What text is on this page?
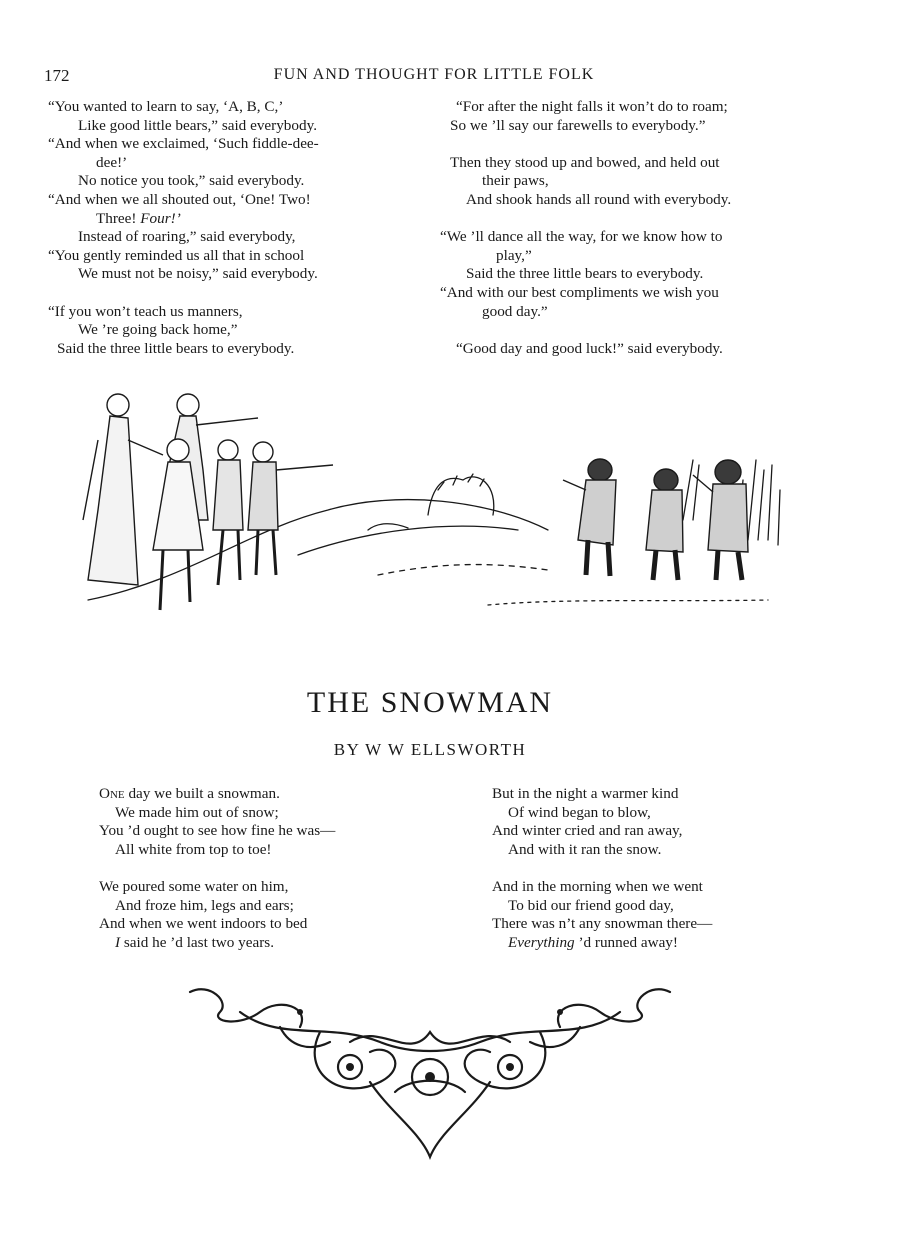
172	FUN AND THOUGHT FOR LITTLE FOLK
“You wanted to learn to say, ‘A, B, C,’
Like good little bears,” said everybody.
“And when we exclaimed, ‘Such fiddle-dee-
dee!’
No notice you took,” said everybody.
“And when we all shouted out, ‘One! Two!
Three! Four!’
Instead of roaring,” said everybody,
“You gently reminded us all that in school
We must not be noisy,” said everybody.
“If you won’t teach us manners,
We ’re going back home,”
Said the three little bears to everybody.
“For after the night falls it won’t do to roam;
So we ’ll say our farewells to everybody.”
Then they stood up and bowed, and held out
their paws,
And shook hands all round with everybody.
“We ’ll dance all the way, for we know how to
play,”
Said the three little bears to everybody.
“And with our best compliments we wish you
good day.”
“Good day and good luck!” said everybody.
THE SNOWMAN
BY W W ELLSWORTH
One day we built a snowman.
We made him out of snow;
You ’d ought to see how fine he was—
All white from top to toe!
We poured some water on him,
And froze him, legs and ears;
And when we went indoors to bed
I said he ’d last two years.
But in the night a warmer kind
Of wind began to blow,
And winter cried and ran away,
And with it ran the snow.
And in the morning when we went
To bid our friend good day,
There was n’t any snowman there—
Everything ’d runned away!
